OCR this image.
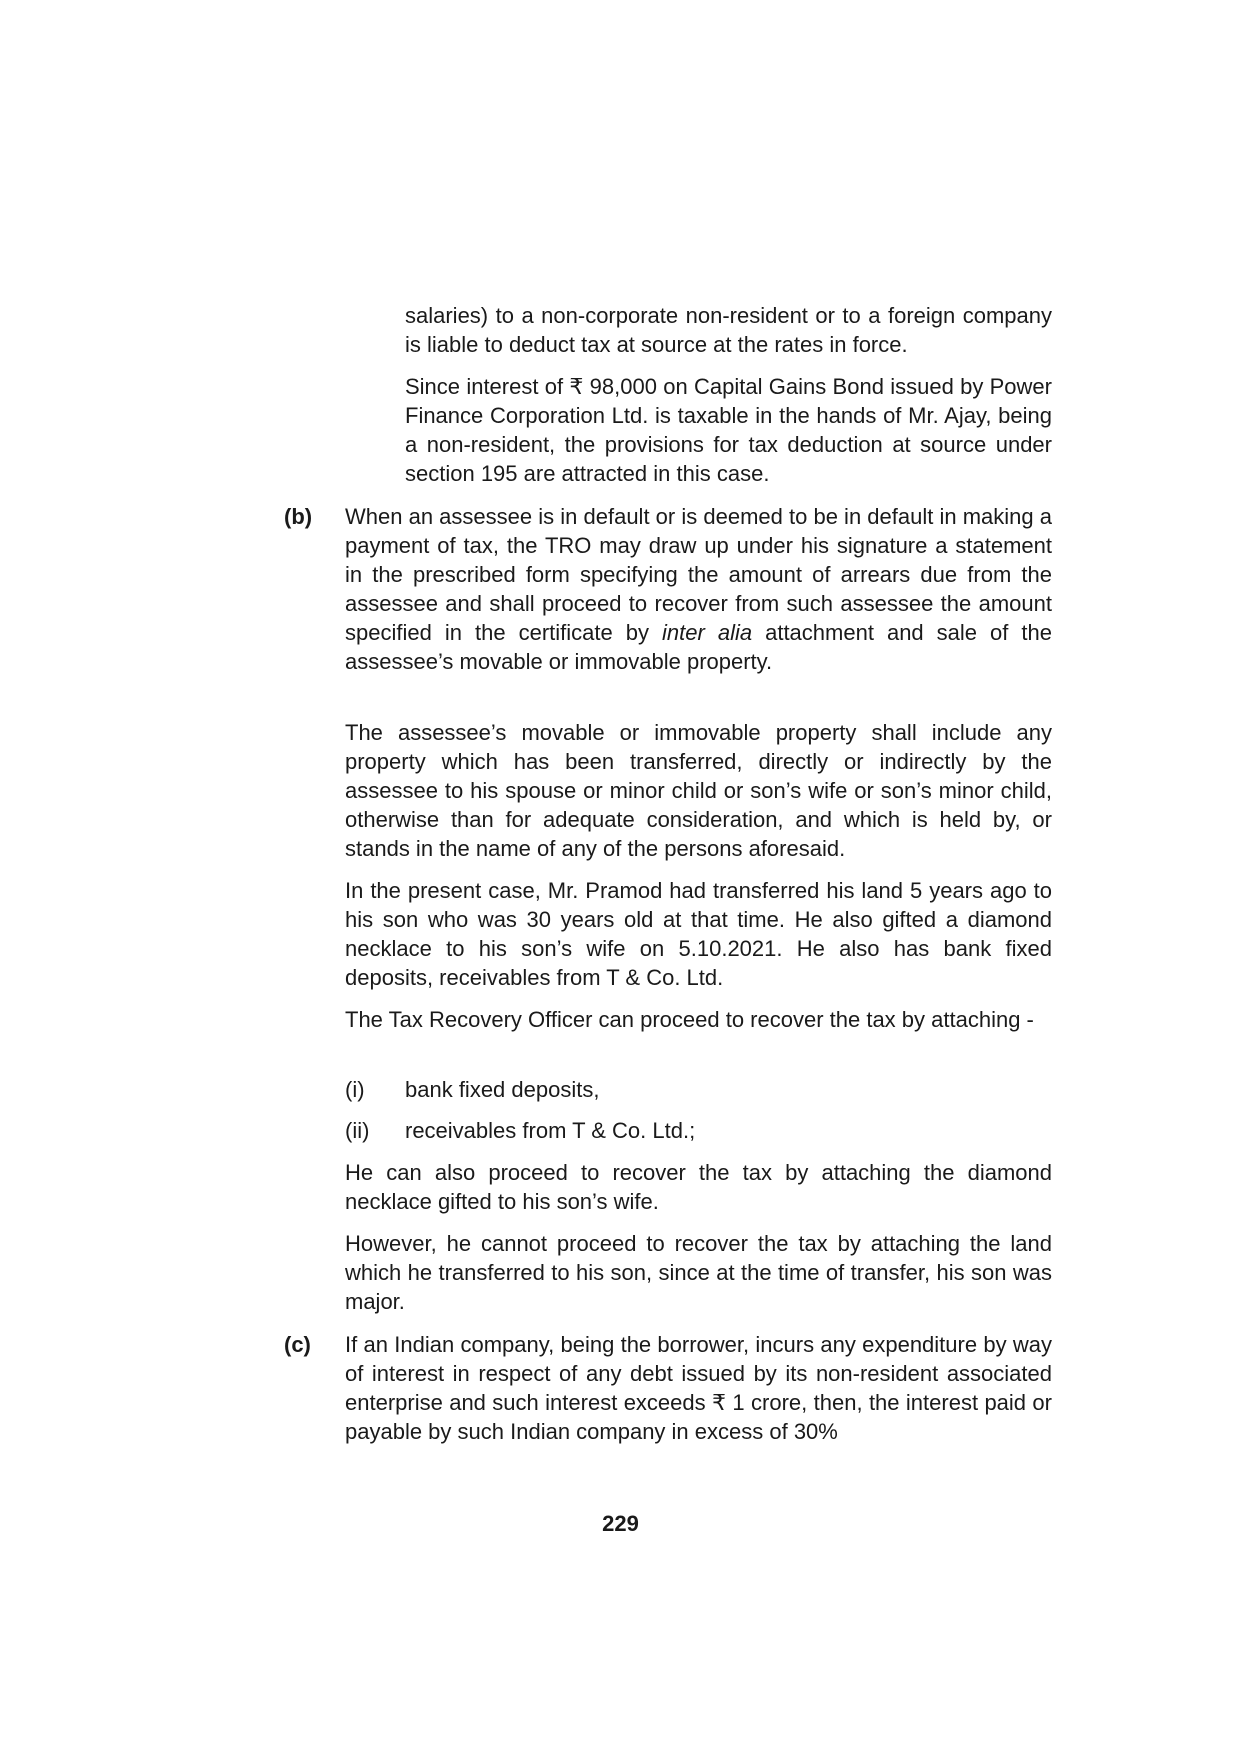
salaries) to a non-corporate non-resident or to a foreign company is liable to deduct tax at source at the rates in force.

Since interest of ₹ 98,000 on Capital Gains Bond issued by Power Finance Corporation Ltd. is taxable in the hands of Mr. Ajay, being a non-resident, the provisions for tax deduction at source under section 195 are attracted in this case.

(b) When an assessee is in default or is deemed to be in default in making a payment of tax, the TRO may draw up under his signature a statement in the prescribed form specifying the amount of arrears due from the assessee and shall proceed to recover from such assessee the amount specified in the certificate by inter alia attachment and sale of the assessee’s movable or immovable property.

The assessee’s movable or immovable property shall include any property which has been transferred, directly or indirectly by the assessee to his spouse or minor child or son’s wife or son’s minor child, otherwise than for adequate consideration, and which is held by, or stands in the name of any of the persons aforesaid.

In the present case, Mr. Pramod had transferred his land 5 years ago to his son who was 30 years old at that time. He also gifted a diamond necklace to his son’s wife on 5.10.2021. He also has bank fixed deposits, receivables from T & Co. Ltd.

The Tax Recovery Officer can proceed to recover the tax by attaching -

(i) bank fixed deposits,
(ii) receivables from T & Co. Ltd.;

He can also proceed to recover the tax by attaching the diamond necklace gifted to his son’s wife.

However, he cannot proceed to recover the tax by attaching the land which he transferred to his son, since at the time of transfer, his son was major.

(c) If an Indian company, being the borrower, incurs any expenditure by way of interest in respect of any debt issued by its non-resident associated enterprise and such interest exceeds ₹ 1 crore, then, the interest paid or payable by such Indian company in excess of 30%

229
